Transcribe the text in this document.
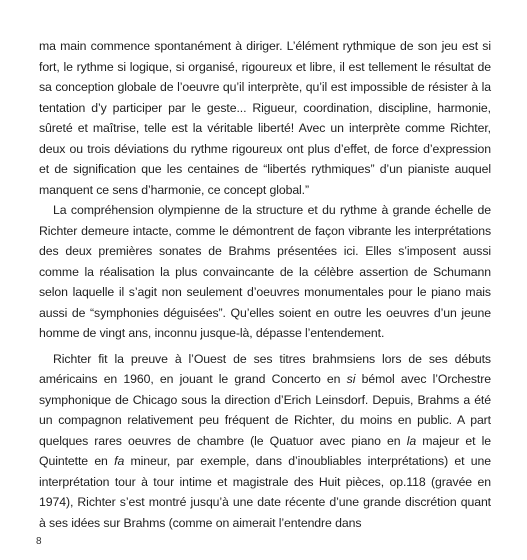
ma main commence spontanément à diriger. L’élément rythmique de son jeu est si fort, le rythme si logique, si organisé, rigoureux et libre, il est tellement le résultat de sa conception globale de l’oeuvre qu’il interprète, qu’il est impossible de résister à la tentation d’y participer par le geste... Rigueur, coordination, discipline, harmonie, sûreté et maîtrise, telle est la véritable liberté! Avec un interprète comme Richter, deux ou trois déviations du rythme rigoureux ont plus d’effet, de force d’expression et de signification que les centaines de “libertés rythmiques” d’un pianiste auquel manquent ce sens d’harmonie, ce concept global.”

La compréhension olympienne de la structure et du rythme à grande échelle de Richter demeure intacte, comme le démontrent de façon vibrante les interprétations des deux premières sonates de Brahms présentées ici. Elles s’imposent aussi comme la réalisation la plus convaincante de la célèbre assertion de Schumann selon laquelle il s’agit non seulement d’oeuvres monumentales pour le piano mais aussi de “symphonies déguisées”. Qu’elles soient en outre les oeuvres d’un jeune homme de vingt ans, inconnu jusque-là, dépasse l’entendement.

Richter fit la preuve à l’Ouest de ses titres brahmsiens lors de ses débuts américains en 1960, en jouant le grand Concerto en si bémol avec l’Orchestre symphonique de Chicago sous la direction d’Erich Leinsdorf. Depuis, Brahms a été un compagnon relativement peu fréquent de Richter, du moins en public. A part quelques rares oeuvres de chambre (le Quatuor avec piano en la majeur et le Quintette en fa mineur, par exemple, dans d’inoubliables interprétations) et une interprétation tour à tour intime et magistrale des Huit pièces, op.118 (gravée en 1974), Richter s’est montré jusqu’à une date récente d’une grande discrétion quant à ses idées sur Brahms (comme on aimerait l’entendre dans

8
